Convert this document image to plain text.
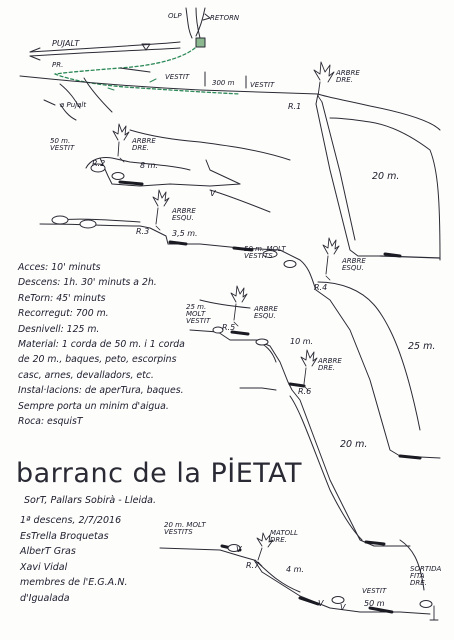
OLP	RETORN
PUJALT
PR.
a Pujalt
VESTIT
300 m VESTIT
ARBRE DRE.
R.1
20 m.
50 m. VESTIT
ARBRE DRE.
R.2	8 m.
ARBRE ESQU.
R.3	3,5 m.
50 m. MOLT VESTITS
ARBRE ESQU.
R.4
25 m.
25 m. MOLT VESTIT
ARBRE ESQU.
R.5
10 m.
ARBRE DRE.
R.6
20 m.
20 m. MOLT VESTITS	MATOLL DRE.
R.7	4 m.
VESTIT
50 m
SORTIDA FITA DRE.
V
V
V V
Acces: 10' minuts
Descens: 1h. 30' minuts a 2h.
ReTorn: 45' minuts
Recorregut: 700 m.
Desnivell: 125 m.
Material: 1 corda de 50 m. i 1 corda
de 20 m., baques, peto, escorpins
casc, arnes, devalladors, etc.
Instal·lacions: de aperTura, baques.
Sempre porta un minim d'aigua.
Roca: esquisT
barranc de la PİETAT
SorT, Pallars Sobirà - Lleida.
1ª descens, 2/7/2016
EsTrella Broquetas
AlberT Gras
Xavi Vidal
membres de l'E.G.A.N.
d'Igualada
